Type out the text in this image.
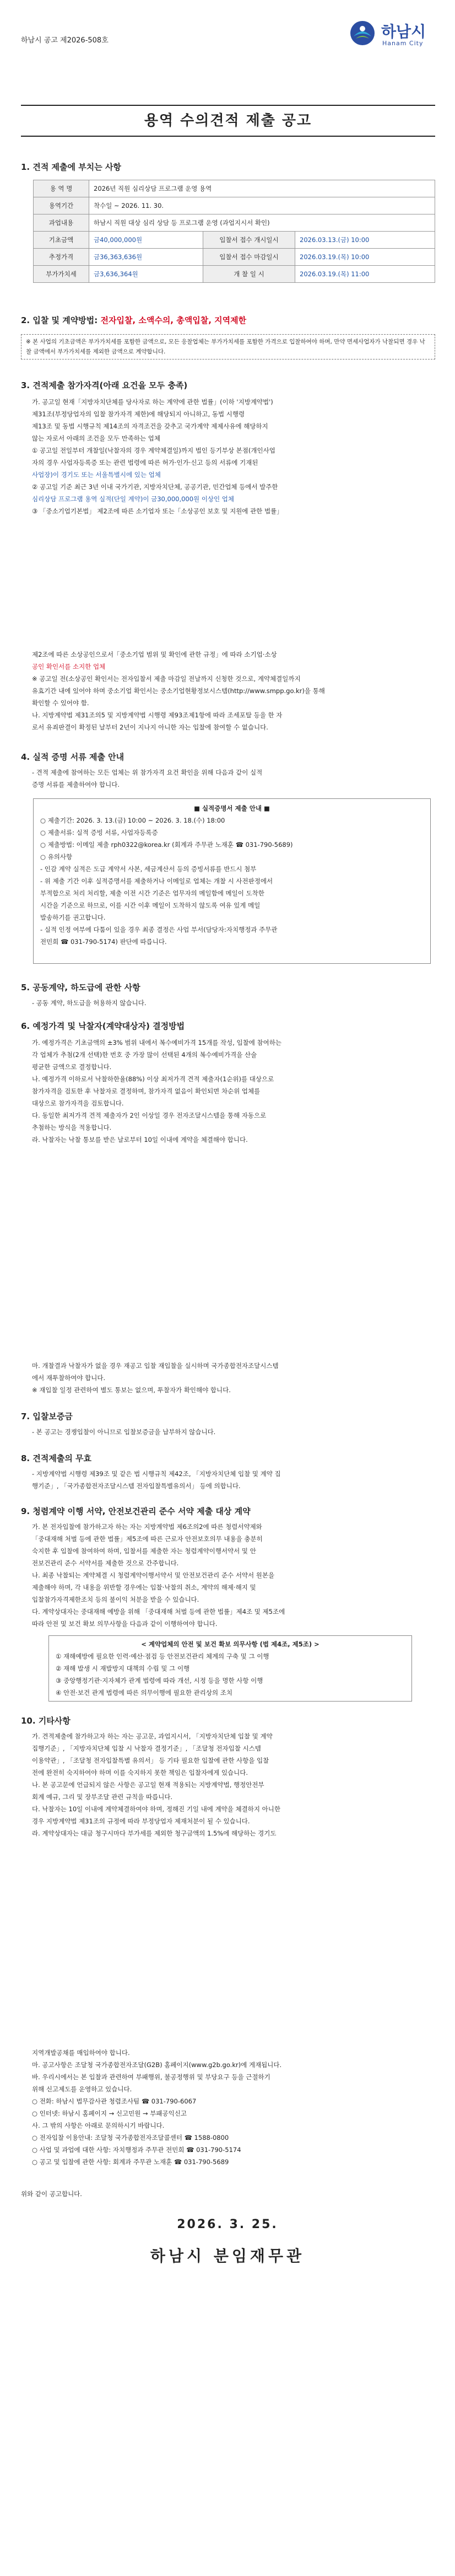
하남시 공고 제2026-508호	하남시
Hanam City
용역 수의견적 제출 공고
1. 견적 제출에 부치는 사항
용 역 명	2026년 직원 심리상담 프로그램 운영 용역		
용역기간	착수일 ~ 2026. 11. 30.		
과업내용	하남시 직원 대상 심리 상담 등 프로그램 운영 (과업지시서 확인)		
기초금액	금40,000,000원	입찰서 접수 개시일시	2026.03.13.(금) 10:00
추정가격	금36,363,636원	입찰서 접수 마감일시	2026.03.19.(목) 10:00
부가가치세	금3,636,364원	개 찰 일 시	2026.03.19.(목) 11:00
2. 입찰 및 계약방법: 전자입찰, 소액수의, 총액입찰, 지역제한
※ 본 사업의 기초금액은 부가가치세를 포함한 금액으로, 모든 응찰업체는 부가가치세를 포함한 가격으로 입찰하여야 하며, 만약 면세사업자가 낙찰되면 경우 낙찰 금액에서 부가가치세를 제외한 금액으로 계약합니다.
3. 견적제출 참가자격(아래 요건을 모두 충족)
가. 공고일 현재「지방자치단체를 당사자로 하는 계약에 관한 법률」(이하 '지방계약법')
제31조(부정당업자의 입찰 참가자격 제한)에 해당되지 아니하고, 동법 시행령
제13조 및 동법 시행규칙 제14조의 자격조건을 갖추고 국가계약 제제사유에 해당하지
않는 자로서 아래의 조건을 모두 만족하는 업체
① 공고일 전일부터 개찰일(낙찰자의 경우 계약체결일)까지 법인 등기부상 본점(개인사업
자의 경우 사업자등록증 또는 관련 법령에 따른 허가·인가·신고 등의 서류에 기재된
사업장)이 경기도 또는 서울특별시에 있는 업체
② 공고일 기준 최근 3년 이내 국가기관, 지방자치단체, 공공기관, 민간업체 등에서 발주한
심리상담 프로그램 용역 실적(단일 계약)이 금30,000,000원 이상인 업체
③ 「중소기업기본법」 제2조에 따른 소기업자 또는「소상공인 보호 및 지원에 관한 법률」
제2조에 따른 소상공인으로서「중소기업 범위 및 확인에 관한 규정」에 따라 소기업·소상
공인 확인서를 소지한 업체
※ 공고일 전(소상공인 확인서는 전자입찰서 제출 마감일 전날까지 신청한 것으로, 계약체결일까지
유효기간 내에 있어야 하며 중소기업 확인서는 중소기업현황정보시스템(http://www.smpp.go.kr)을 통해
확인할 수 있어야 함.
나. 지방계약법 제31조의5 및 지방계약법 시행령 제93조제1항에 따라 조세포탈 등을 한 자
로서 유죄판결이 확정된 날부터 2년이 지나지 아니한 자는 입찰에 참여할 수 없습니다.
4. 실적 증명 서류 제출 안내
- 견적 제출에 참여하는 모든 업체는 위 참가자격 요건 확인을 위해 다음과 같이 실적
증명 서류를 제출하여야 합니다.
■ 실적증명서 제출 안내 ■
○ 제출기간: 2026. 3. 13.(금) 10:00 ~ 2026. 3. 18.(수) 18:00
○ 제출서류: 실적 증빙 서류, 사업자등록증
○ 제출방법: 이메일 제출 rph0322@korea.kr (회계과 주무관 노재훈 ☎ 031-790-5689)
○ 유의사항
- 인감 계약 실적은 도급 계약서 사본, 세금계산서 등의 증빙서류를 반드시 첨부
- 위 제출 기간 이후 실적증명서를 제출하거나 이메일로 업체는 개찰 시 사전판정에서
부적합으로 처리 처리할, 제출 이전 시간 기준은 업무자의 메일함에 메일이 도착한
시간을 기준으로 하므로, 이를 시간 이후 메일이 도착하지 않도록 여유 있게 메일
발송하기를 권고합니다.
- 실적 인정 여부에 다툼이 있을 경우 최종 결정은 사업 부서(담당자:자치행정과 주무관
전민희 ☎ 031-790-5174) 판단에 따릅니다.
5. 공동계약, 하도급에 관한 사항
- 공동 계약, 하도급을 허용하지 않습니다.
6. 예정가격 및 낙찰자(계약대상자) 결정방법
가. 예정가격은 기초금액의 ±3% 범위 내에서 복수예비가격 15개를 작성, 입찰에 참여하는
각 업체가 추첨(2개 선택)한 번호 중 가장 많이 선택된 4개의 복수예비가격을 산술
평균한 금액으로 결정합니다.
나. 예정가격 이하로서 낙찰하한율(88%) 이상 최저가격 견적 제출자(1순위)를 대상으로
참가자격을 검토한 후 낙찰자로 결정하며, 참가자격 없음이 확인되면 차순위 업체를
대상으로 참가자격을 검토합니다.
다. 동일한 최저가격 견적 제출자가 2인 이상일 경우 전자조달시스템을 통해 자동으로
추첨하는 방식을 적용합니다.
라. 낙찰자는 낙찰 통보를 받은 날로부터 10일 이내에 계약을 체결해야 합니다.
마. 개찰결과 낙찰자가 없을 경우 재공고 입찰 재입찰을 실시하며 국가종합전자조달시스템
에서 재투찰하여야 합니다.
※ 재입찰 일정 관련하여 별도 통보는 없으며, 투찰자가 확인해야 합니다.
7. 입찰보증금
- 본 공고는 경쟁입찰이 아니므로 입찰보증금을 납부하지 않습니다.
8. 견적제출의 무효
- 지방계약법 시행령 제39조 및 같은 법 시행규칙 제42조, 「지방자치단체 입찰 및 계약 집
행기준」, 「국가종합전자조달시스템 전자입찰특별유의서」 등에 의합니다.
9. 청렴계약 이행 서약, 안전보건관리 준수 서약 제출 대상 계약
가. 본 전자입찰에 참가하고자 하는 자는 지방계약법 제6조의2에 따른 청렴서약제와
「중대재해 처벌 등에 관한 법률」제5조에 따른 근로자 안전보호의무 내용을 충분히
숙지한 후 입찰에 참여하여 하며, 입찰서를 제출한 자는 청렴계약이행서약서 및 안
전보건관리 준수 서약서를 제출한 것으로 간주합니다.
나. 최종 낙찰되는 계약체결 시 청렴계약이행서약서 및 안전보건관리 준수 서약서 원본을
제출해야 하며, 각 내용을 위반할 경우에는 입찰·낙찰의 취소, 계약의 해제·해지 및
입찰참가자격제한조치 등의 불이익 처분을 받을 수 있습니다.
다. 계약상대자는 중대재해 예방을 위해 「중대재해 처벌 등에 관한 법률」제4조 및 제5조에
따라 안전 및 보건 확보 의무사항을 다음과 같이 이행하여야 합니다.
< 계약업체의 안전 및 보건 확보 의무사항 (법 제4조, 제5조) >
① 재해예방에 필요한 인력·예산·점검 등 안전보건관리 체계의 구축 및 그 이행
② 재해 발생 시 재발방지 대책의 수립 및 그 이행
③ 중앙행정기관·지자체가 관계 법령에 따라 개선, 시정 등을 명한 사항 이행
④ 안전·보건 관계 법령에 따른 의무이행에 필요한 관리상의 조치
10. 기타사항
가. 견적제출에 참가하고자 하는 자는 공고문, 과업지시서, 「지방자치단체 입찰 및 계약
집행기준」, 「지방자치단체 입찰 시 낙찰자 결정기준」, 「조달청 전자입찰 시스템
이용약관」, 「조달청 전자입찰특별 유의서」 등 기타 필요한 입찰에 관한 사항을 입찰
전에 완전히 숙지하여야 하며 이를 숙지하지 못한 책임은 입찰자에게 있습니다.
나. 본 공고문에 언급되지 않은 사항은 공고일 현재 적용되는 지방계약법, 행정안전부
회계 예규, 그리 및 장부조달 관련 규칙을 따릅니다.
다. 낙찰자는 10일 이내에 계약체결하여야 하며, 정해진 기일 내에 계약을 체결하지 아니한
경우 지방계약법 제31조의 규정에 따라 부정당업자 제재처분이 될 수 있습니다.
라. 계약상대자는 대금 청구시마다 부가세를 제외한 청구금액의 1.5%에 해당하는 경기도
지역개발공채를 매입하여야 합니다.
마. 공고사항은 조달청 국가종합전자조달(G2B) 홈페이지(www.g2b.go.kr)에 게재됩니다.
바. 우리시에서는 본 입찰과 관련하여 부패행위, 불공정행위 및 부당요구 등을 근절하기
위해 신고제도를 운영하고 있습니다.
○ 전화: 하남시 법무감사관 청렴조사팀 ☎ 031-790-6067
○ 인터넷: 하남시 홈페이지 → 신고민원 → 부패공익신고
사. 그 밖의 사항은 아래로 문의하시기 바랍니다.
○ 전자입찰 이용안내: 조달청 국가종합전자조달콜센터 ☎ 1588-0800
○ 사업 및 과업에 대한 사항: 자치행정과 주무관 전민희 ☎ 031-790-5174
○ 공고 및 입찰에 관한 사항: 회계과 주무관 노재훈 ☎ 031-790-5689
위와 같이 공고합니다.
2026. 3. 25.
하남시 분임재무관
